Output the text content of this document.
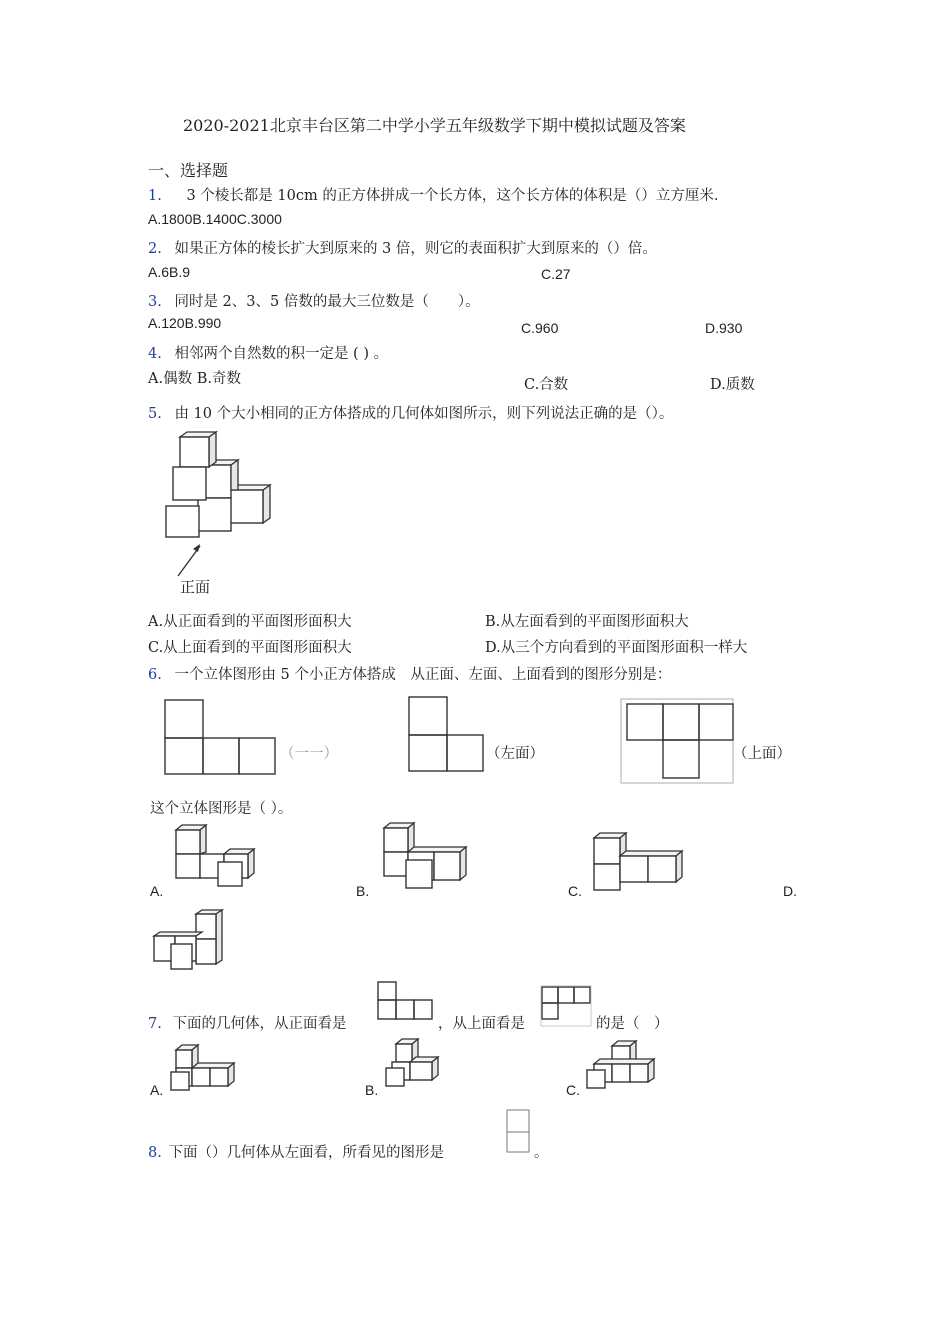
2020-2021北京丰台区第二中学小学五年级数学下期中模拟试题及答案
一、选择题
1. 3 个棱长都是 10cm 的正方体拼成一个长方体，这个长方体的体积是（）立方厘米.
A.1800B.1400C.3000
2. 如果正方体的棱长扩大到原来的 3 倍，则它的表面积扩大到原来的（）倍。
A.6B.9	C.27
3. 同时是 2、3、5 倍数的最大三位数是（　　）。
A.120B.990	C.960	D.930
4. 相邻两个自然数的积一定是 ( ) 。
A.偶数 B.奇数	C.合数	D.质数
5. 由 10 个大小相同的正方体搭成的几何体如图所示，则下列说法正确的是（）。
正面
A.从正面看到的平面图形面积大	B.从左面看到的平面图形面积大
C.从上面看到的平面图形面积大	D.从三个方向看到的平面图形面积一样大
6. 一个立体图形由 5 个小正方体搭成　从正面、左面、上面看到的图形分别是：
（一一）	（左面）	（上面）
这个立体图形是（ ）。
A.	B.	C.	D.
7. 下面的几何体，从正面看是	，从上面看是	的是（　）
A.	B.	C.
8. 下面（）几何体从左面看，所看见的图形是	。
